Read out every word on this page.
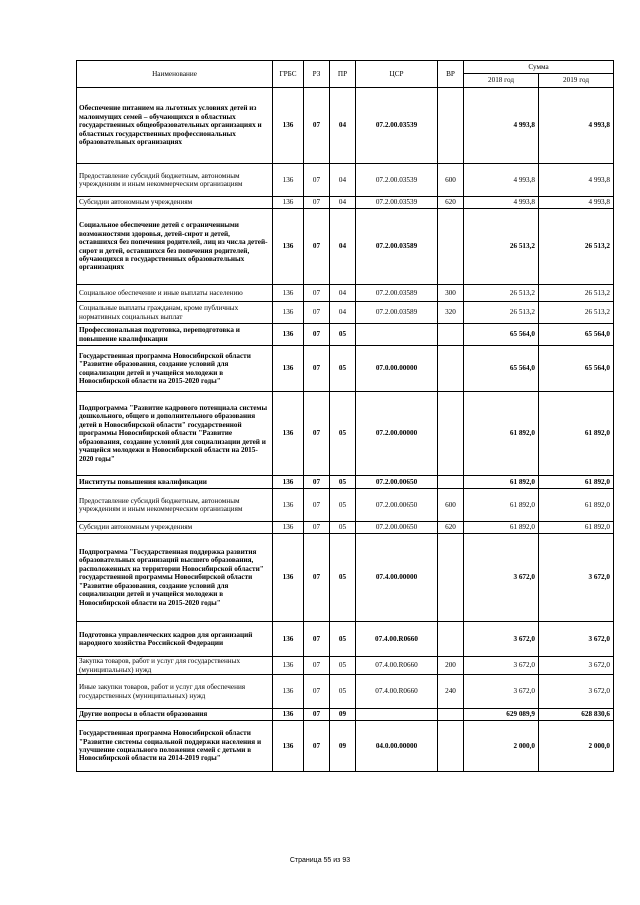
Наименование	ГРБС	РЗ	ПР	ЦСР	ВР	Сумма	
						2018 год	2019 год
Обеспечение питанием на льготных условиях детей из малоимущих семей – обучающихся в областных государственных общеобразовательных организациях и областных государственных профессиональных образовательных организациях	136	07	04	07.2.00.03539		4 993,8	4 993,8
Предоставление субсидий бюджетным, автономным учреждениям и иным некоммерческим организациям	136	07	04	07.2.00.03539	600	4 993,8	4 993,8
Субсидии автономным учреждениям	136	07	04	07.2.00.03539	620	4 993,8	4 993,8
Социальное обеспечение детей с ограниченными возможностями здоровья, детей-сирот и детей, оставшихся без попечения родителей, лиц из числа детей-сирот и детей, оставшихся без попечения родителей, обучающихся в государственных образовательных организациях	136	07	04	07.2.00.03589		26 513,2	26 513,2
Социальное обеспечение и иные выплаты населению	136	07	04	07.2.00.03589	300	26 513,2	26 513,2
Социальные выплаты гражданам, кроме публичных нормативных социальных выплат	136	07	04	07.2.00.03589	320	26 513,2	26 513,2
Профессиональная подготовка, переподготовка и повышение квалификации	136	07	05			65 564,0	65 564,0
Государственная программа Новосибирской области "Развитие образования, создание условий для социализации детей и учащейся молодежи в Новосибирской области на 2015-2020 годы"	136	07	05	07.0.00.00000		65 564,0	65 564,0
Подпрограмма "Развитие кадрового потенциала системы дошкольного, общего и дополнительного образования детей в Новосибирской области" государственной программы Новосибирской области "Развитие образования, создание условий для социализации детей и учащейся молодежи в Новосибирской области на 2015-2020 годы"	136	07	05	07.2.00.00000		61 892,0	61 892,0
Институты повышения квалификации	136	07	05	07.2.00.00650		61 892,0	61 892,0
Предоставление субсидий бюджетным, автономным учреждениям и иным некоммерческим организациям	136	07	05	07.2.00.00650	600	61 892,0	61 892,0
Субсидии автономным учреждениям	136	07	05	07.2.00.00650	620	61 892,0	61 892,0
Подпрограмма "Государственная поддержка развития образовательных организаций высшего образования, расположенных на территории Новосибирской области" государственной программы Новосибирской области "Развитие образования, создание условий для социализации детей и учащейся молодежи в Новосибирской области на 2015-2020 годы"	136	07	05	07.4.00.00000		3 672,0	3 672,0
Подготовка управленческих кадров для организаций народного хозяйства Российской Федерации	136	07	05	07.4.00.R0660		3 672,0	3 672,0
Закупка товаров, работ и услуг для государственных (муниципальных) нужд	136	07	05	07.4.00.R0660	200	3 672,0	3 672,0
Иные закупки товаров, работ и услуг для обеспечения государственных (муниципальных) нужд	136	07	05	07.4.00.R0660	240	3 672,0	3 672,0
Другие вопросы в области образования	136	07	09			629 089,9	628 830,6
Государственная программа Новосибирской области "Развитие системы социальной поддержки населения и улучшение социального положения семей с детьми в Новосибирской области на 2014-2019 годы"	136	07	09	04.0.00.00000		2 000,0	2 000,0
Страница 55 из 93
